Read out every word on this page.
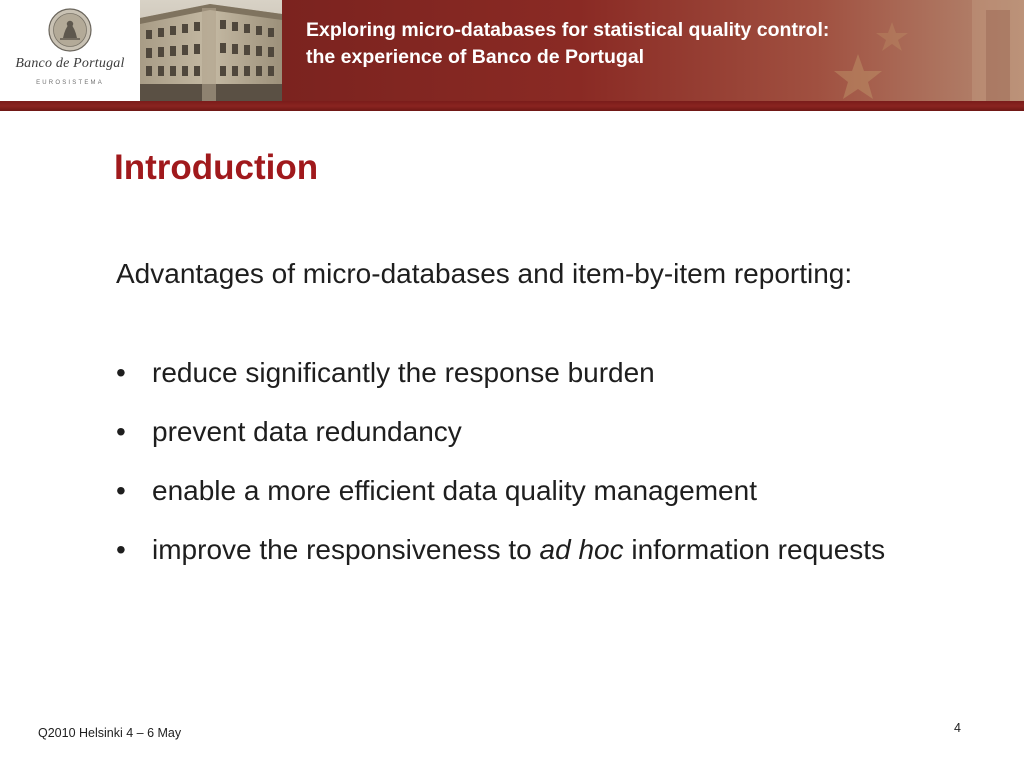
Banco de Portugal
EUROSISTEMA
Exploring micro-databases for statistical quality control:
the experience of Banco de Portugal
Introduction

Advantages of micro-databases and item-by-item reporting:

• reduce significantly the response burden
• prevent data redundancy
• enable a more efficient data quality management
• improve the responsiveness to ad hoc information requests
Q2010 Helsinki 4 – 6 May	4
